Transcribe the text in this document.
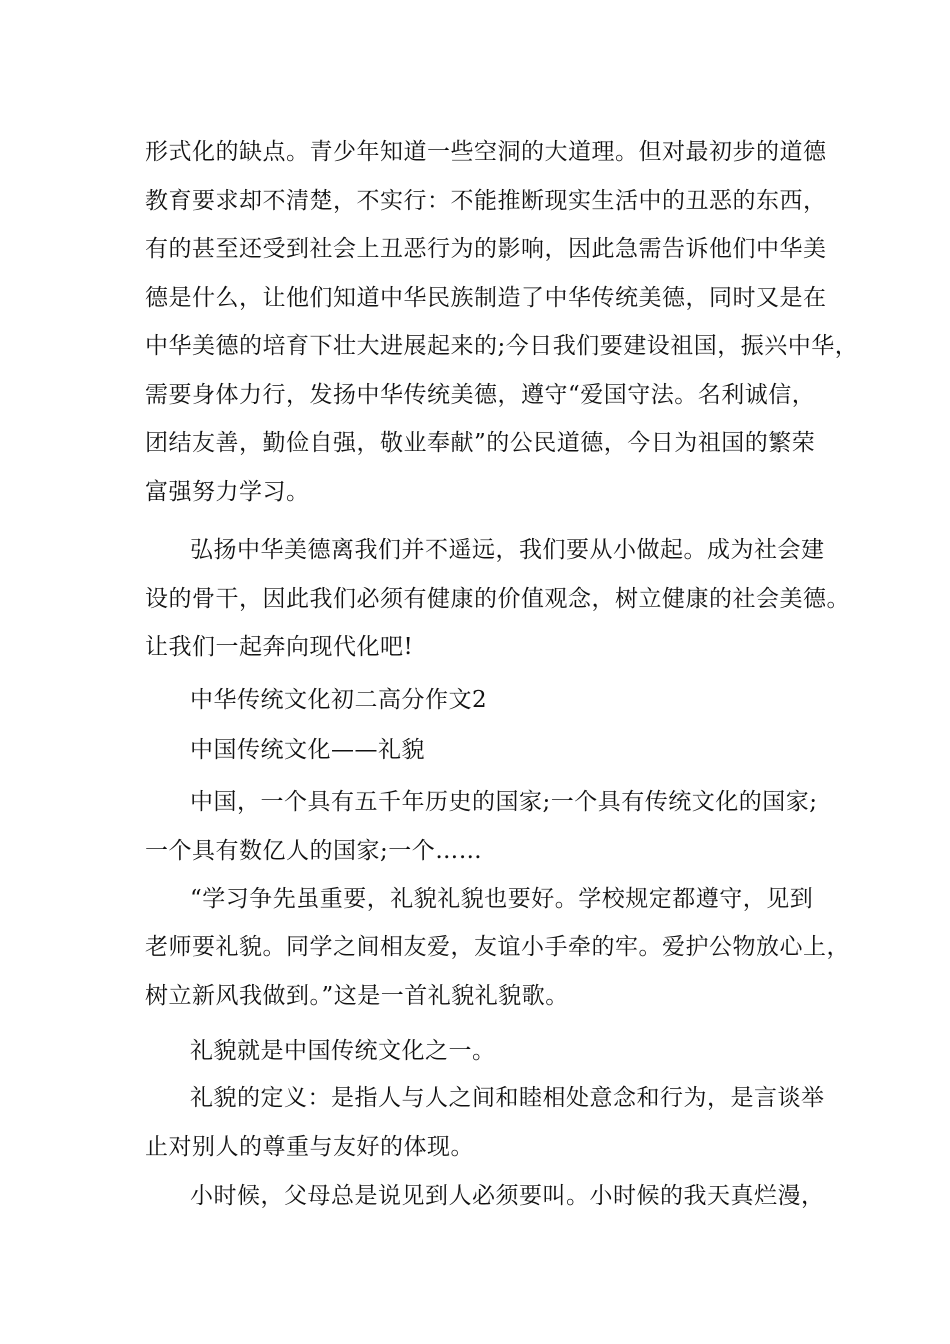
形式化的缺点。青少年知道一些空洞的大道理。但对最初步的道德
教育要求却不清楚，不实行：不能推断现实生活中的丑恶的东西，
有的甚至还受到社会上丑恶行为的影响，因此急需告诉他们中华美
德是什么，让他们知道中华民族制造了中华传统美德，同时又是在
中华美德的培育下壮大进展起来的;今日我们要建设祖国，振兴中华，
需要身体力行，发扬中华传统美德，遵守“爱国守法。名利诚信，
团结友善，勤俭自强，敬业奉献”的公民道德，今日为祖国的繁荣
富强努力学习。
弘扬中华美德离我们并不遥远，我们要从小做起。成为社会建
设的骨干，因此我们必须有健康的价值观念，树立健康的社会美德。
让我们一起奔向现代化吧!
中华传统文化初二高分作文2
中国传统文化——礼貌
中国，一个具有五千年历史的国家;一个具有传统文化的国家;
一个具有数亿人的国家;一个……
“学习争先虽重要，礼貌礼貌也要好。学校规定都遵守，见到
老师要礼貌。同学之间相友爱，友谊小手牵的牢。爱护公物放心上，
树立新风我做到。”这是一首礼貌礼貌歌。
礼貌就是中国传统文化之一。
礼貌的定义：是指人与人之间和睦相处意念和行为，是言谈举
止对别人的尊重与友好的体现。
小时候，父母总是说见到人必须要叫。小时候的我天真烂漫，
